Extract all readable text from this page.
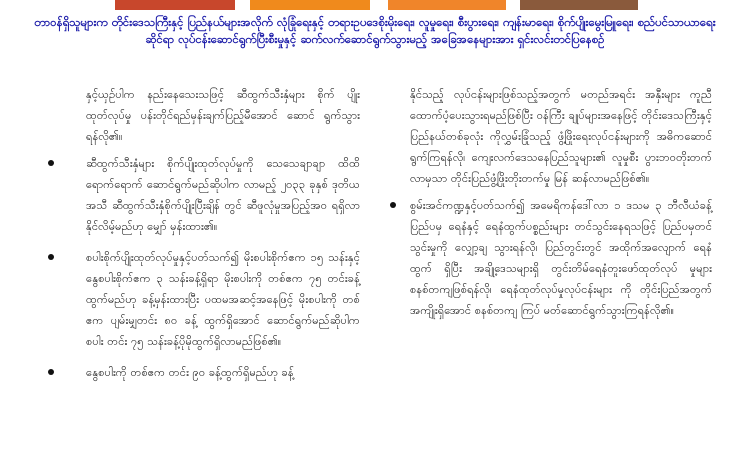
တာဝန်ရှိသူများက တိုင်းဒေသကြီးနှင့် ပြည်နယ်များအလိုက် လုံခြုံရေးနှင့် တရားဥပဒေစိုးမိုးရေး၊ လူမှုရေး၊ စီးပွားရေး၊ ကျန်းမာရေး၊ စိုက်ပျိုးမွေးမြူရေး၊ စည်ပင်သာယာရေးဆိုင်ရာ လုပ်ငန်းဆောင်ရွက်ပြီးစီးမှုနှင့် ဆက်လက်ဆောင်ရွက်သွားမည့် အခြေအနေများအား ရှင်းလင်းတင်ပြနေစဉ်

နှင့်ယှဉ်ပါက နည်းနေသေးသဖြင့် ဆီထွက်သီးနှံများ စိုက် ပျိုးထုတ်လုပ်မှု ပန်းတိုင်ရည်မှန်းချက်ပြည့်မီအောင် ဆောင် ရွက်သွားရန်လို၏။

ဆီထွက်သီးနှံများ စိုက်ပျိုးထုတ်လုပ်မှုကို သေသေချာချာ ထိထိရောက်ရောက် ဆောင်ရွက်မည်ဆိုပါက လာမည့် ၂၀၃၃ ခုနှစ် ဒုတိယအသီ ဆီထွက်သီးနှံစိုက်ပျိုးပြီးချိန် တွင် ဆီဖူလုံမှုအပြည့်အဝ ရရှိလာနိုင်လိမ့်မည်ဟု မျှော် မှန်းထား၏။
စပါးစိုက်ပျိုးထုတ်လုပ်မှုနှင့်ပတ်သက်၍ မိုးစပါးစိုက်ဧက ၁၅ သန်းနှင့် နွေစပါးစိုက်ဧက ၃ သန်းခန့်ရှိရာ မိုးစပါးကို တစ်ဧက ၇၅ တင်းခန့် ထွက်မည်ဟု ခန့်မှန်းထားပြီး ပထမအဆင့်အနေဖြင့် မိုးစပါးကို တစ်ဧက ပျမ်းမျှတင်း ၈၀ ခန့် ထွက်ရှိအောင် ဆောင်ရွက်မည်ဆိုပါက စပါး တင်း ၇၅ သန်းခန့်ပိုမိုထွက်ရှိလာမည်ဖြစ်၏။
နွေစပါးကို တစ်ဧက တင်း ၉၀ ခန့်ထွက်ရှိမည်ဟု ခန့်

နိုင်သည့် လုပ်ငန်းများဖြစ်သည့်အတွက် မတည်အရင်း အနှီးများ ကူညီထောက်ပံ့ပေးသွားရမည်ဖြစ်ပြီး ဝန်ကြီး ချုပ်များအနေဖြင့် တိုင်းဒေသကြီးနှင့် ပြည်နယ်တစ်ခုလုံး ကိုလွှမ်းခြုံသည့် ဖွံ့ဖြိုးရေးလုပ်ငန်းများကို အဓိကဆောင် ရွက်ကြရန်လို၊ ကျေးလက်ဒေသနေပြည်သူများ၏ လူမှုစီး ပွားဘဝတိုးတက်လာမှသာ တိုင်းပြည်ဖွံ့ဖြိုးတိုးတက်မှု မြန် ဆန်လာမည်ဖြစ်၏။

စွမ်းအင်ကဏ္ဍနှင့်ပတ်သက်၍ အမေရိကန်ဒေါ်လာ ၁ ဒသမ ၃ ဘီလီယံခန့် ပြည်ပမှ ရေနံနှင့် ရေနံထွက်ပစ္စည်းများ တင်သွင်းနေရသဖြင့် ပြည်ပမှတင်သွင်းမှုကို လျှော့ချ သွားရန်လို၊ ပြည်တွင်းတွင် အထိုက်အလျောက် ရေနံထွက် ရှိပြီး အချို့ဒေသများရှိ တွင်းတိမ်ရေနံတူးဖော်ထုတ်လုပ် မှုများ စနစ်တကျဖြစ်ရန်လို၊ ရေနံထုတ်လုပ်မှုလုပ်ငန်းများ ကို တိုင်းပြည်အတွက် အကျိုးရှိအောင် စနစ်တကျ ကြပ် မတ်ဆောင်ရွက်သွားကြရန်လို၏။
